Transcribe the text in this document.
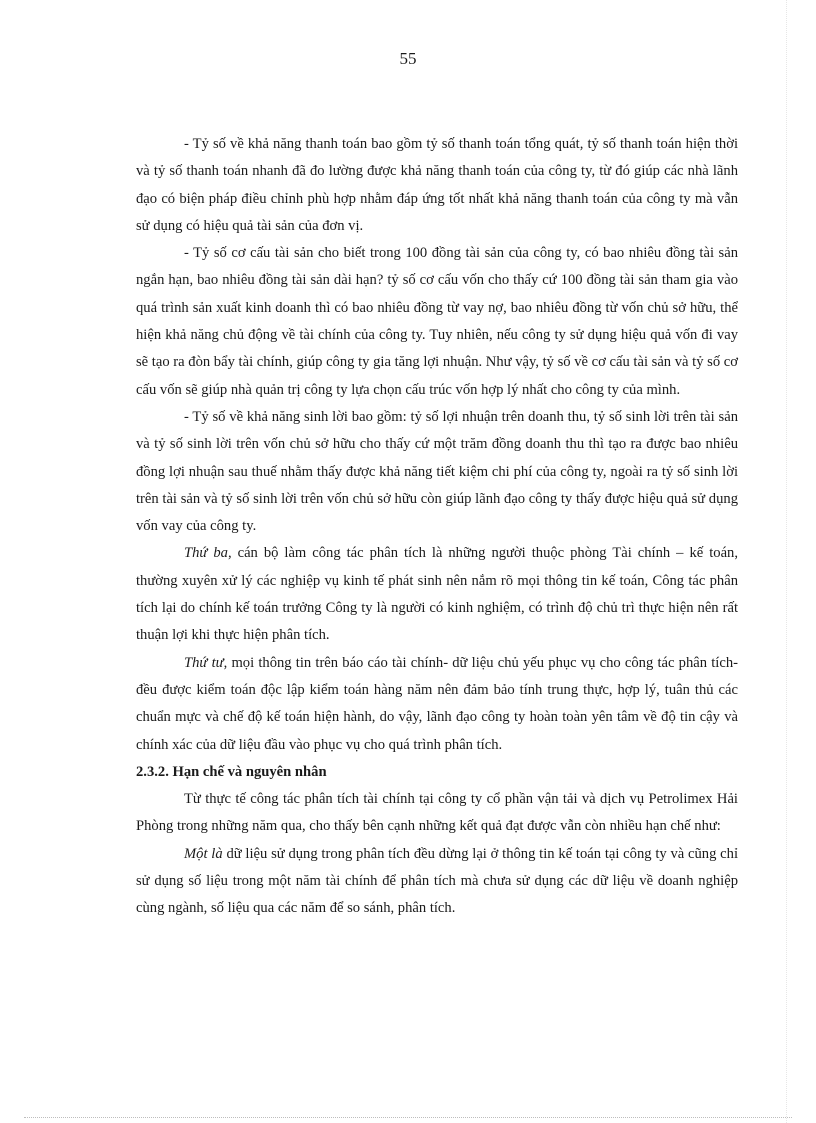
55

- Tỷ số về khả năng thanh toán bao gồm tỷ số thanh toán tổng quát, tỷ số thanh toán hiện thời và tỷ số thanh toán nhanh đã đo lường được khả năng thanh toán của công ty, từ đó giúp các nhà lãnh đạo có biện pháp điều chỉnh phù hợp nhằm đáp ứng tốt nhất khả năng thanh toán của công ty mà vẫn sử dụng có hiệu quả tài sản của đơn vị.

- Tỷ số cơ cấu tài sản cho biết trong 100 đồng tài sản của công ty, có bao nhiêu đồng tài sản ngắn hạn, bao nhiêu đồng tài sản dài hạn? tỷ số cơ cấu vốn cho thấy cứ 100 đồng tài sản tham gia vào quá trình sản xuất kinh doanh thì có bao nhiêu đồng từ vay nợ, bao nhiêu đồng từ vốn chủ sở hữu, thể hiện khả năng chủ động về tài chính của công ty. Tuy nhiên, nếu công ty sử dụng hiệu quả vốn đi vay sẽ tạo ra đòn bẩy tài chính, giúp công ty gia tăng lợi nhuận. Như vậy, tỷ số về cơ cấu tài sản và tỷ số cơ cấu vốn sẽ giúp nhà quản trị công ty lựa chọn cấu trúc vốn hợp lý nhất cho công ty của mình.

- Tỷ số về khả năng sinh lời bao gồm: tỷ số lợi nhuận trên doanh thu, tỷ số sinh lời trên tài sản và tỷ số sinh lời trên vốn chủ sở hữu cho thấy cứ một trăm đồng doanh thu thì tạo ra được bao nhiêu đồng lợi nhuận sau thuế nhằm thấy được khả năng tiết kiệm chi phí của công ty, ngoài ra tỷ số sinh lời trên tài sản và tỷ số sinh lời trên vốn chủ sở hữu còn giúp lãnh đạo công ty thấy được hiệu quả sử dụng vốn vay của công ty.

Thứ ba, cán bộ làm công tác phân tích là những người thuộc phòng Tài chính – kế toán, thường xuyên xử lý các nghiệp vụ kinh tế phát sinh nên nắm rõ mọi thông tin kế toán, Công tác phân tích lại do chính kế toán trưởng Công ty là người có kinh nghiệm, có trình độ chủ trì thực hiện nên rất thuận lợi khi thực hiện phân tích.

Thứ tư, mọi thông tin trên báo cáo tài chính- dữ liệu chủ yếu phục vụ cho công tác phân tích- đều được kiểm toán độc lập kiểm toán hàng năm nên đảm bảo tính trung thực, hợp lý, tuân thủ các chuẩn mực và chế độ kế toán hiện hành, do vậy, lãnh đạo công ty hoàn toàn yên tâm về độ tin cậy và chính xác của dữ liệu đầu vào phục vụ cho quá trình phân tích.

2.3.2. Hạn chế và nguyên nhân

Từ thực tế công tác phân tích tài chính tại công ty cổ phần vận tải và dịch vụ Petrolimex Hải Phòng trong những năm qua, cho thấy bên cạnh những kết quả đạt được vẫn còn nhiều hạn chế như:

Một là dữ liệu sử dụng trong phân tích đều dừng lại ở thông tin kế toán tại công ty và cũng chỉ sử dụng số liệu trong một năm tài chính để phân tích mà chưa sử dụng các dữ liệu về doanh nghiệp cùng ngành, số liệu qua các năm để so sánh, phân tích.
